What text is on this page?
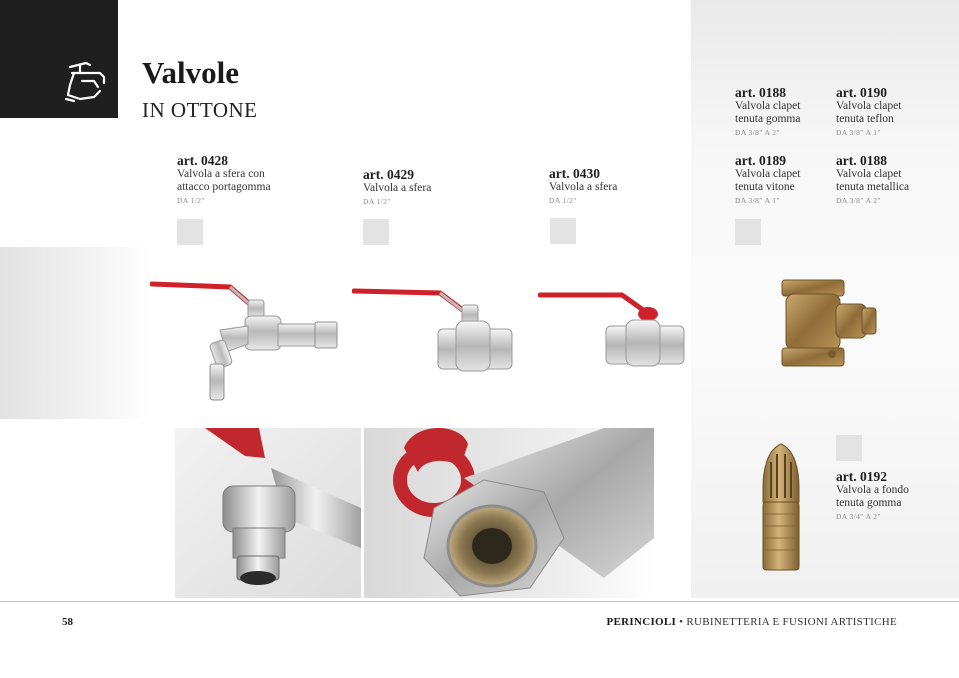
Valvole
IN OTTONE
art. 0428
Valvola a sfera con
attacco portagomma
DA 1/2"
art. 0429
Valvola a sfera
DA 1/2"
art. 0430
Valvola a sfera
DA 1/2"
art. 0188
Valvola clapet
tenuta gomma
DA 3/8" A 2"
art. 0190
Valvola clapet
tenuta teflon
DA 3/8" A 1"
art. 0189
Valvola clapet
tenuta vitone
DA 3/8" A 1"
art. 0188
Valvola clapet
tenuta metallica
DA 3/8" A 2"
art. 0192
Valvola a fondo
tenuta gomma
DA 3/4" A 2"
58	PERINCIOLI • RUBINETTERIA E FUSIONI ARTISTICHE
